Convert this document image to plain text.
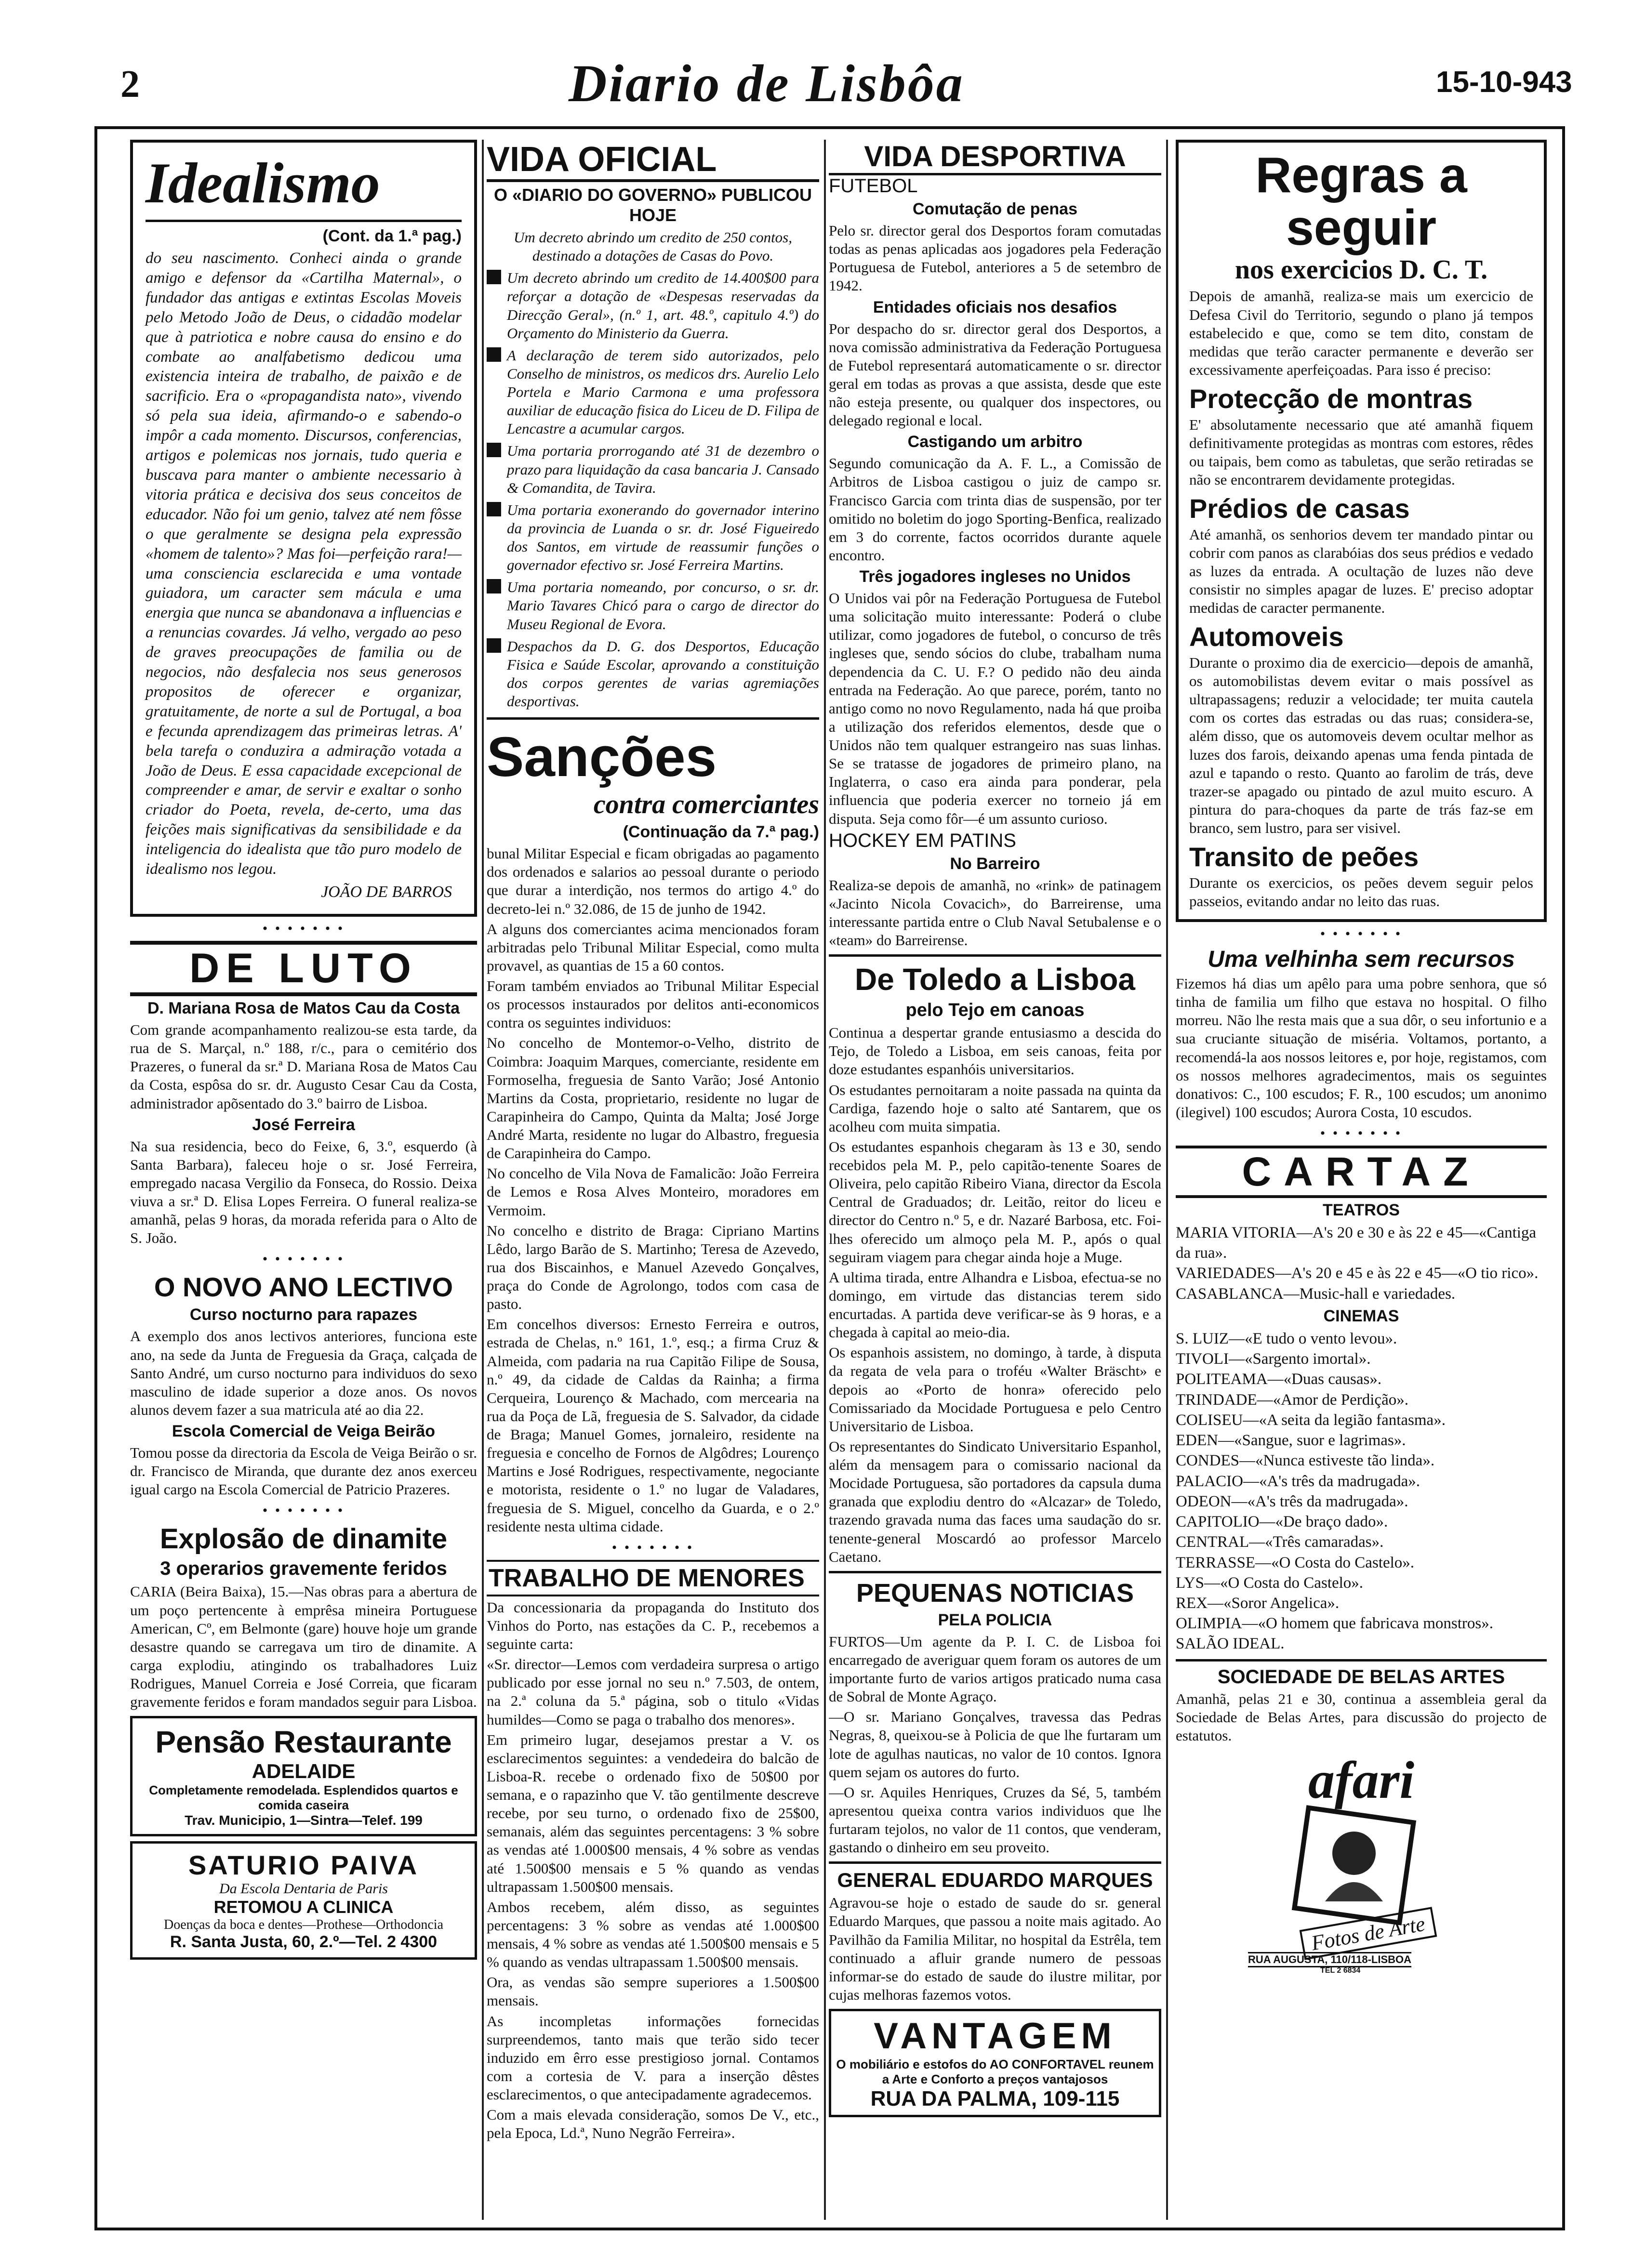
2	Diario de Lisbôa	15-10-943
Idealismo
(Cont. da 1.ª pag.)
do seu nascimento. Conheci ainda o grande amigo e defensor da «Cartilha Maternal», o fundador das antigas e extintas Escolas Moveis pelo Metodo João de Deus, o cidadão modelar que à patriotica e nobre causa do ensino e do combate ao analfabetismo dedicou uma existencia inteira de trabalho, de paixão e de sacrificio. Era o «propagandista nato», vivendo só pela sua ideia, afirmando-o e sabendo-o impôr a cada momento. Discursos, conferencias, artigos e polemicas nos jornais, tudo queria e buscava para manter o ambiente necessario à vitoria prática e decisiva dos seus conceitos de educador. Não foi um genio, talvez até nem fôsse o que geralmente se designa pela expressão «homem de talento»? Mas foi—perfeição rara!—uma consciencia esclarecida e uma vontade guiadora, um caracter sem mácula e uma energia que nunca se abandonava a influencias e a renuncias covardes. Já velho, vergado ao peso de graves preocupações de familia ou de negocios, não desfalecia nos seus generosos propositos de oferecer e organizar, gratuitamente, de norte a sul de Portugal, a boa e fecunda aprendizagem das primeiras letras. A' bela tarefa o conduzira a admiração votada a João de Deus. E essa capacidade excepcional de compreender e amar, de servir e exaltar o sonho criador do Poeta, revela, de-certo, uma das feições mais significativas da sensibilidade e da inteligencia do idealista que tão puro modelo de idealismo nos legou.
JOÃO DE BARROS
• • • • • • •
DE LUTO
D. Mariana Rosa de Matos Cau da Costa
Com grande acompanhamento realizou-se esta tarde, da rua de S. Marçal, n.º 188, r/c., para o cemitério dos Prazeres, o funeral da sr.ª D. Mariana Rosa de Matos Cau da Costa, espôsa do sr. dr. Augusto Cesar Cau da Costa, administrador apõsentado do 3.º bairro de Lisboa.
José Ferreira
Na sua residencia, beco do Feixe, 6, 3.º, esquerdo (à Santa Barbara), faleceu hoje o sr. José Ferreira, empregado nacasa Vergilio da Fonseca, do Rossio. Deixa viuva a sr.ª D. Elisa Lopes Ferreira. O funeral realiza-se amanhã, pelas 9 horas, da morada referida para o Alto de S. João.
• • • • • • •
O NOVO ANO LECTIVO
Curso nocturno para rapazes
A exemplo dos anos lectivos anteriores, funciona este ano, na sede da Junta de Freguesia da Graça, calçada de Santo André, um curso nocturno para individuos do sexo masculino de idade superior a doze anos. Os novos alunos devem fazer a sua matricula até ao dia 22.
Escola Comercial de Veiga Beirão
Tomou posse da directoria da Escola de Veiga Beirão o sr. dr. Francisco de Miranda, que durante dez anos exerceu igual cargo na Escola Comercial de Patricio Prazeres.
• • • • • • •
Explosão de dinamite
3 operarios gravemente feridos
CARIA (Beira Baixa), 15.—Nas obras para a abertura de um poço pertencente à emprêsa mineira Portuguese American, Cº, em Belmonte (gare) houve hoje um grande desastre quando se carregava um tiro de dinamite. A carga explodiu, atingindo os trabalhadores Luiz Rodrigues, Manuel Correia e José Correia, que ficaram gravemente feridos e foram mandados seguir para Lisboa.
Pensão Restaurante
ADELAIDE
Completamente remodelada. Esplendidos quartos e comida caseira
Trav. Municipio, 1—Sintra—Telef. 199
SATURIO PAIVA
Da Escola Dentaria de Paris
RETOMOU A CLINICA
Doenças da boca e dentes—Prothese—Orthodoncia
R. Santa Justa, 60, 2.º—Tel. 2 4300
VIDA OFICIAL
O «DIARIO DO GOVERNO» PUBLICOU HOJE
Um decreto abrindo um credito de 250 contos, destinado a dotações de Casas do Povo.
Um decreto abrindo um credito de 14.400$00 para reforçar a dotação de «Despesas reservadas da Direcção Geral», (n.º 1, art. 48.º, capitulo 4.º) do Orçamento do Ministerio da Guerra.
A declaração de terem sido autorizados, pelo Conselho de ministros, os medicos drs. Aurelio Lelo Portela e Mario Carmona e uma professora auxiliar de educação fisica do Liceu de D. Filipa de Lencastre a acumular cargos.
Uma portaria prorrogando até 31 de dezembro o prazo para liquidação da casa bancaria J. Cansado & Comandita, de Tavira.
Uma portaria exonerando do governador interino da provincia de Luanda o sr. dr. José Figueiredo dos Santos, em virtude de reassumir funções o governador efectivo sr. José Ferreira Martins.
Uma portaria nomeando, por concurso, o sr. dr. Mario Tavares Chicó para o cargo de director do Museu Regional de Evora.
Despachos da D. G. dos Desportos, Educação Fisica e Saúde Escolar, aprovando a constituição dos corpos gerentes de varias agremiações desportivas.
Sanções
contra comerciantes
(Continuação da 7.ª pag.)
bunal Militar Especial e ficam obrigadas ao pagamento dos ordenados e salarios ao pessoal durante o periodo que durar a interdição, nos termos do artigo 4.º do decreto-lei n.º 32.086, de 15 de junho de 1942.
A alguns dos comerciantes acima mencionados foram arbitradas pelo Tribunal Militar Especial, como multa provavel, as quantias de 15 a 60 contos.
Foram também enviados ao Tribunal Militar Especial os processos instaurados por delitos anti-economicos contra os seguintes individuos:
No concelho de Montemor-o-Velho, distrito de Coimbra: Joaquim Marques, comerciante, residente em Formoselha, freguesia de Santo Varão; José Antonio Martins da Costa, proprietario, residente no lugar de Carapinheira do Campo, Quinta da Malta; José Jorge André Marta, residente no lugar do Albastro, freguesia de Carapinheira do Campo.
No concelho de Vila Nova de Famalicão: João Ferreira de Lemos e Rosa Alves Monteiro, moradores em Vermoim.
No concelho e distrito de Braga: Cipriano Martins Lêdo, largo Barão de S. Martinho; Teresa de Azevedo, rua dos Biscainhos, e Manuel Azevedo Gonçalves, praça do Conde de Agrolongo, todos com casa de pasto.
Em concelhos diversos: Ernesto Ferreira e outros, estrada de Chelas, n.º 161, 1.º, esq.; a firma Cruz & Almeida, com padaria na rua Capitão Filipe de Sousa, n.º 49, da cidade de Caldas da Rainha; a firma Cerqueira, Lourenço & Machado, com mercearia na rua da Poça de Lã, freguesia de S. Salvador, da cidade de Braga; Manuel Gomes, jornaleiro, residente na freguesia e concelho de Fornos de Algôdres; Lourenço Martins e José Rodrigues, respectivamente, negociante e motorista, residente o 1.º no lugar de Valadares, freguesia de S. Miguel, concelho da Guarda, e o 2.º residente nesta ultima cidade.
• • • • • • •
TRABALHO DE MENORES
Da concessionaria da propaganda do Instituto dos Vinhos do Porto, nas estações da C. P., recebemos a seguinte carta:
«Sr. director—Lemos com verdadeira surpresa o artigo publicado por esse jornal no seu n.º 7.503, de ontem, na 2.ª coluna da 5.ª página, sob o titulo «Vidas humildes—Como se paga o trabalho dos menores».
Em primeiro lugar, desejamos prestar a V. os esclarecimentos seguintes: a vendedeira do balcão de Lisboa-R. recebe o ordenado fixo de 50$00 por semana, e o rapazinho que V. tão gentilmente descreve recebe, por seu turno, o ordenado fixo de 25$00, semanais, além das seguintes percentagens: 3 % sobre as vendas até 1.000$00 mensais, 4 % sobre as vendas até 1.500$00 mensais e 5 % quando as vendas ultrapassam 1.500$00 mensais.
Ambos recebem, além disso, as seguintes percentagens: 3 % sobre as vendas até 1.000$00 mensais, 4 % sobre as vendas até 1.500$00 mensais e 5 % quando as vendas ultrapassam 1.500$00 mensais.
Ora, as vendas são sempre superiores a 1.500$00 mensais.
As incompletas informações fornecidas surpreendemos, tanto mais que terão sido tecer induzido em êrro esse prestigioso jornal. Contamos com a cortesia de V. para a inserção dêstes esclarecimentos, o que antecipadamente agradecemos.
Com a mais elevada consideração, somos De V., etc., pela Epoca, Ld.ª, Nuno Negrão Ferreira».
VIDA DESPORTIVA
FUTEBOL
Comutação de penas
Pelo sr. director geral dos Desportos foram comutadas todas as penas aplicadas aos jogadores pela Federação Portuguesa de Futebol, anteriores a 5 de setembro de 1942.
Entidades oficiais nos desafios
Por despacho do sr. director geral dos Desportos, a nova comissão administrativa da Federação Portuguesa de Futebol representará automaticamente o sr. director geral em todas as provas a que assista, desde que este não esteja presente, ou qualquer dos inspectores, ou delegado regional e local.
Castigando um arbitro
Segundo comunicação da A. F. L., a Comissão de Arbitros de Lisboa castigou o juiz de campo sr. Francisco Garcia com trinta dias de suspensão, por ter omitido no boletim do jogo Sporting-Benfica, realizado em 3 do corrente, factos ocorridos durante aquele encontro.
Três jogadores ingleses no Unidos
O Unidos vai pôr na Federação Portuguesa de Futebol uma solicitação muito interessante: Poderá o clube utilizar, como jogadores de futebol, o concurso de três ingleses que, sendo sócios do clube, trabalham numa dependencia da C. U. F.? O pedido não deu ainda entrada na Federação. Ao que parece, porém, tanto no antigo como no novo Regulamento, nada há que proiba a utilização dos referidos elementos, desde que o Unidos não tem qualquer estrangeiro nas suas linhas. Se se tratasse de jogadores de primeiro plano, na Inglaterra, o caso era ainda para ponderar, pela influencia que poderia exercer no torneio já em disputa. Seja como fôr—é um assunto curioso.
HOCKEY EM PATINS
No Barreiro
Realiza-se depois de amanhã, no «rink» de patinagem «Jacinto Nicola Covacich», do Barreirense, uma interessante partida entre o Club Naval Setubalense e o «team» do Barreirense.
De Toledo a Lisboa
pelo Tejo em canoas
Continua a despertar grande entusiasmo a descida do Tejo, de Toledo a Lisboa, em seis canoas, feita por doze estudantes espanhóis universitarios.
Os estudantes pernoitaram a noite passada na quinta da Cardiga, fazendo hoje o salto até Santarem, que os acolheu com muita simpatia.
Os estudantes espanhois chegaram às 13 e 30, sendo recebidos pela M. P., pelo capitão-tenente Soares de Oliveira, pelo capitão Ribeiro Viana, director da Escola Central de Graduados; dr. Leitão, reitor do liceu e director do Centro n.º 5, e dr. Nazaré Barbosa, etc. Foi-lhes oferecido um almoço pela M. P., após o qual seguiram viagem para chegar ainda hoje a Muge.
A ultima tirada, entre Alhandra e Lisboa, efectua-se no domingo, em virtude das distancias terem sido encurtadas. A partida deve verificar-se às 9 horas, e a chegada à capital ao meio-dia.
Os espanhois assistem, no domingo, à tarde, à disputa da regata de vela para o troféu «Walter Bräscht» e depois ao «Porto de honra» oferecido pelo Comissariado da Mocidade Portuguesa e pelo Centro Universitario de Lisboa.
Os representantes do Sindicato Universitario Espanhol, além da mensagem para o comissario nacional da Mocidade Portuguesa, são portadores da capsula duma granada que explodiu dentro do «Alcazar» de Toledo, trazendo gravada numa das faces uma saudação do sr. tenente-general Moscardó ao professor Marcelo Caetano.
PEQUENAS NOTICIAS
PELA POLICIA
FURTOS—Um agente da P. I. C. de Lisboa foi encarregado de averiguar quem foram os autores de um importante furto de varios artigos praticado numa casa de Sobral de Monte Agraço.
—O sr. Mariano Gonçalves, travessa das Pedras Negras, 8, queixou-se à Policia de que lhe furtaram um lote de agulhas nauticas, no valor de 10 contos. Ignora quem sejam os autores do furto.
—O sr. Aquiles Henriques, Cruzes da Sé, 5, também apresentou queixa contra varios individuos que lhe furtaram tejolos, no valor de 11 contos, que venderam, gastando o dinheiro em seu proveito.
GENERAL EDUARDO MARQUES
Agravou-se hoje o estado de saude do sr. general Eduardo Marques, que passou a noite mais agitado. Ao Pavilhão da Familia Militar, no hospital da Estrêla, tem continuado a afluir grande numero de pessoas informar-se do estado de saude do ilustre militar, por cujas melhoras fazemos votos.
VANTAGEM
O mobiliário e estofos do AO CONFORTAVEL reunem a Arte e Conforto a preços vantajosos
RUA DA PALMA, 109-115
Regras a seguir
nos exercicios D. C. T.
Depois de amanhã, realiza-se mais um exercicio de Defesa Civil do Territorio, segundo o plano já tempos estabelecido e que, como se tem dito, constam de medidas que terão caracter permanente e deverão ser excessivamente aperfeiçoadas. Para isso é preciso:
Protecção de montras
E' absolutamente necessario que até amanhã fiquem definitivamente protegidas as montras com estores, rêdes ou taipais, bem como as tabuletas, que serão retiradas se não se encontrarem devidamente protegidas.
Prédios de casas
Até amanhã, os senhorios devem ter mandado pintar ou cobrir com panos as clarabóias dos seus prédios e vedado as luzes da entrada. A ocultação de luzes não deve consistir no simples apagar de luzes. E' preciso adoptar medidas de caracter permanente.
Automoveis
Durante o proximo dia de exercicio—depois de amanhã, os automobilistas devem evitar o mais possível as ultrapassagens; reduzir a velocidade; ter muita cautela com os cortes das estradas ou das ruas; considera-se, além disso, que os automoveis devem ocultar melhor as luzes dos farois, deixando apenas uma fenda pintada de azul e tapando o resto. Quanto ao farolim de trás, deve trazer-se apagado ou pintado de azul muito escuro. A pintura do para-choques da parte de trás faz-se em branco, sem lustro, para ser visivel.
Transito de peões
Durante os exercicios, os peões devem seguir pelos passeios, evitando andar no leito das ruas.
• • • • • • •
Uma velhinha sem recursos
Fizemos há dias um apêlo para uma pobre senhora, que só tinha de familia um filho que estava no hospital. O filho morreu. Não lhe resta mais que a sua dôr, o seu infortunio e a sua cruciante situação de miséria. Voltamos, portanto, a recomendá-la aos nossos leitores e, por hoje, registamos, com os nossos melhores agradecimentos, mais os seguintes donativos: C., 100 escudos; F. R., 100 escudos; um anonimo (ilegivel) 100 escudos; Aurora Costa, 10 escudos.
• • • • • • •
CARTAZ
TEATROS
MARIA VITORIA—A's 20 e 30 e às 22 e 45—«Cantiga da rua».
VARIEDADES—A's 20 e 45 e às 22 e 45—«O tio rico».
CASABLANCA—Music-hall e variedades.
CINEMAS
S. LUIZ—«E tudo o vento levou».
TIVOLI—«Sargento imortal».
POLITEAMA—«Duas causas».
TRINDADE—«Amor de Perdição».
COLISEU—«A seita da legião fantasma».
EDEN—«Sangue, suor e lagrimas».
CONDES—«Nunca estiveste tão linda».
PALACIO—«A's três da madrugada».
ODEON—«A's três da madrugada».
CAPITOLIO—«De braço dado».
CENTRAL—«Três camaradas».
TERRASSE—«O Costa do Castelo».
LYS—«O Costa do Castelo».
REX—«Soror Angelica».
OLIMPIA—«O homem que fabricava monstros».
SALÃO IDEAL.
SOCIEDADE DE BELAS ARTES
Amanhã, pelas 21 e 30, continua a assembleia geral da Sociedade de Belas Artes, para discussão do projecto de estatutos.
afari
Fotos de Arte
RUA AUGUSTA, 110/118-LISBOA
TEL 2 6834
